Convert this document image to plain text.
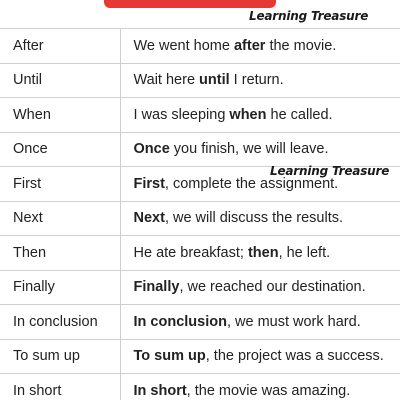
Learning Treasure
After	We went home after the movie.
Until	Wait here until I return.
When	I was sleeping when he called.
Once	Once you finish, we will leave.
First	First, complete the assignment.
Next	Next, we will discuss the results.
Then	He ate breakfast; then, he left.
Finally	Finally, we reached our destination.
In conclusion	In conclusion, we must work hard.
To sum up	To sum up, the project was a success.
In short	In short, the movie was amazing.
Learning Treasure
